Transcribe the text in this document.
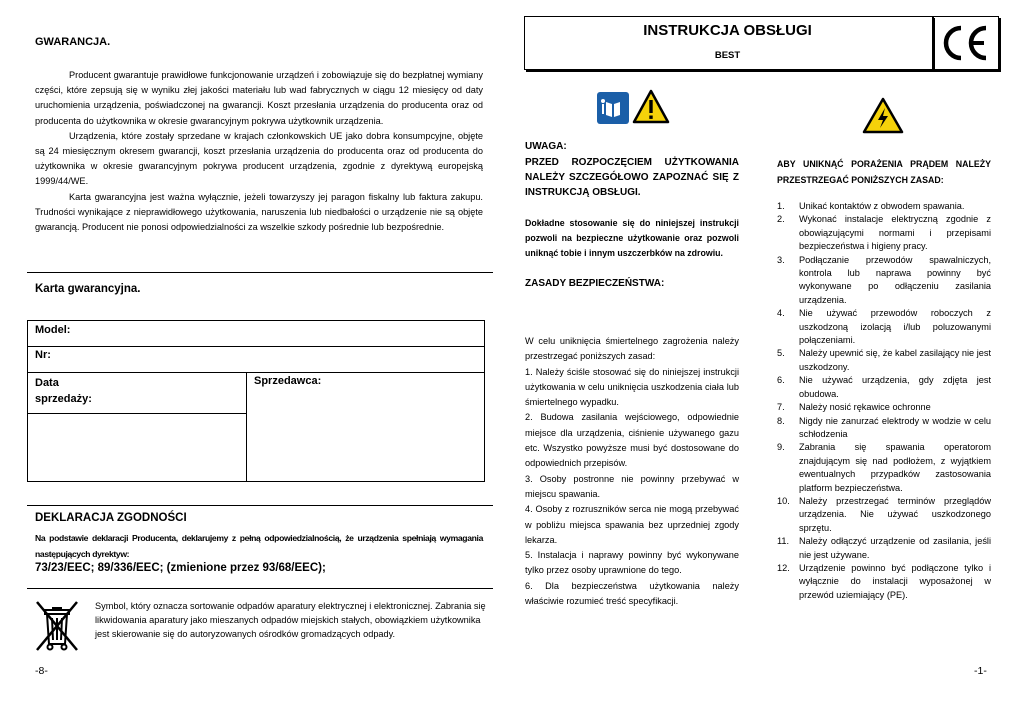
GWARANCJA.

Producent gwarantuje prawidłowe funkcjonowanie urządzeń i zobowiązuje się do bezpłatnej wymiany części, które zepsują się w wyniku złej jakości materiału lub wad fabrycznych w ciągu 12 miesięcy od daty uruchomienia urządzenia, poświadczonej na gwarancji. Koszt przesłania urządzenia do producenta oraz od producenta do użytkownika w okresie gwarancyjnym pokrywa użytkownik urządzenia.

Urządzenia, które zostały sprzedane w krajach członkowskich UE jako dobra konsumpcyjne, objęte są 24 miesięcznym okresem gwarancji, koszt przesłania urządzenia do producenta oraz od producenta do użytkownika w okresie gwarancyjnym pokrywa producent urządzenia, zgodnie z dyrektywą europejską 1999/44/WE.

Karta gwarancyjna jest ważna wyłącznie, jeżeli towarzyszy jej paragon fiskalny lub faktura zakupu. Trudności wynikające z nieprawidłowego użytkowania, naruszenia lub niedbałości o urządzenie nie są objęte gwarancją. Producent nie ponosi odpowiedzialności za wszelkie szkody pośrednie lub bezpośrednie.

Karta gwarancyjna.
Model:
Nr:
Data
sprzedaży:
Sprzedawca:
DEKLARACJA ZGODNOŚCI
Na podstawie deklaracji Producenta, deklarujemy z pełną odpowiedzialnością, że urządzenia spełniają wymagania następujących dyrektyw:
73/23/EEC; 89/336/EEC; (zmienione przez 93/68/EEC);
Symbol, który oznacza sortowanie odpadów aparatury elektrycznej i elektronicznej. Zabrania się likwidowania aparatury jako mieszanych odpadów miejskich stałych, obowiązkiem użytkownika jest skierowanie się do autoryzowanych ośrodków gromadzących odpady.
-8-
INSTRUKCJA OBSŁUGI
BEST
UWAGA:
PRZED ROZPOCZĘCIEM UŻYTKOWANIA NALEŻY SZCZEGÓŁOWO ZAPOZNAĆ SIĘ Z INSTRUKCJĄ OBSŁUGI.
Dokładne stosowanie się do niniejszej instrukcji pozwoli na bezpieczne użytkowanie oraz pozwoli uniknąć tobie i innym uszczerbków na zdrowiu.
ZASADY BEZPIECZEŃSTWA:

W celu uniknięcia śmiertelnego zagrożenia należy przestrzegać poniższych zasad:

1. Należy ściśle stosować się do niniejszej instrukcji użytkowania w celu uniknięcia uszkodzenia ciała lub śmiertelnego wypadku.

2. Budowa zasilania wejściowego, odpowiednie miejsce dla urządzenia, ciśnienie używanego gazu etc. Wszystko powyższe musi być dostosowane do odpowiednich przepisów.

3. Osoby postronne nie powinny przebywać w miejscu spawania.

4. Osoby z rozruszników serca nie mogą przebywać w pobliżu miejsca spawania bez uprzedniej zgody lekarza.

5. Instalacja i naprawy powinny być wykonywane tylko przez osoby uprawnione do tego.

6. Dla bezpieczeństwa użytkowania należy właściwie rozumieć treść specyfikacji.

ABY UNIKNĄĆ PORAŻENIA PRĄDEM NALEŻY PRZESTRZEGAĆ PONIŻSZYCH ZASAD:
1. Unikać kontaktów z obwodem spawania.
2. Wykonać instalacje elektryczną zgodnie z obowiązującymi normami i przepisami bezpieczeństwa i higieny pracy.
3. Podłączanie przewodów spawalniczych, kontrola lub naprawa powinny być wykonywane po odłączeniu zasilania urządzenia.
4. Nie używać przewodów roboczych z uszkodzoną izolacją i/lub poluzowanymi połączeniami.
5. Należy upewnić się, że kabel zasilający nie jest uszkodzony.
6. Nie używać urządzenia, gdy zdjęta jest obudowa.
7. Należy nosić rękawice ochronne
8. Nigdy nie zanurzać elektrody w wodzie w celu schłodzenia
9. Zabrania się spawania operatorom znajdującym się nad podłożem, z wyjątkiem ewentualnych przypadków zastosowania platform bezpieczeństwa.
10. Należy przestrzegać terminów przeglądów urządzenia. Nie używać uszkodzonego sprzętu.
11. Należy odłączyć urządzenie od zasilania, jeśli nie jest używane.
12. Urządzenie powinno być podłączone tylko i wyłącznie do instalacji wyposażonej w przewód uziemiający (PE).
-1-
